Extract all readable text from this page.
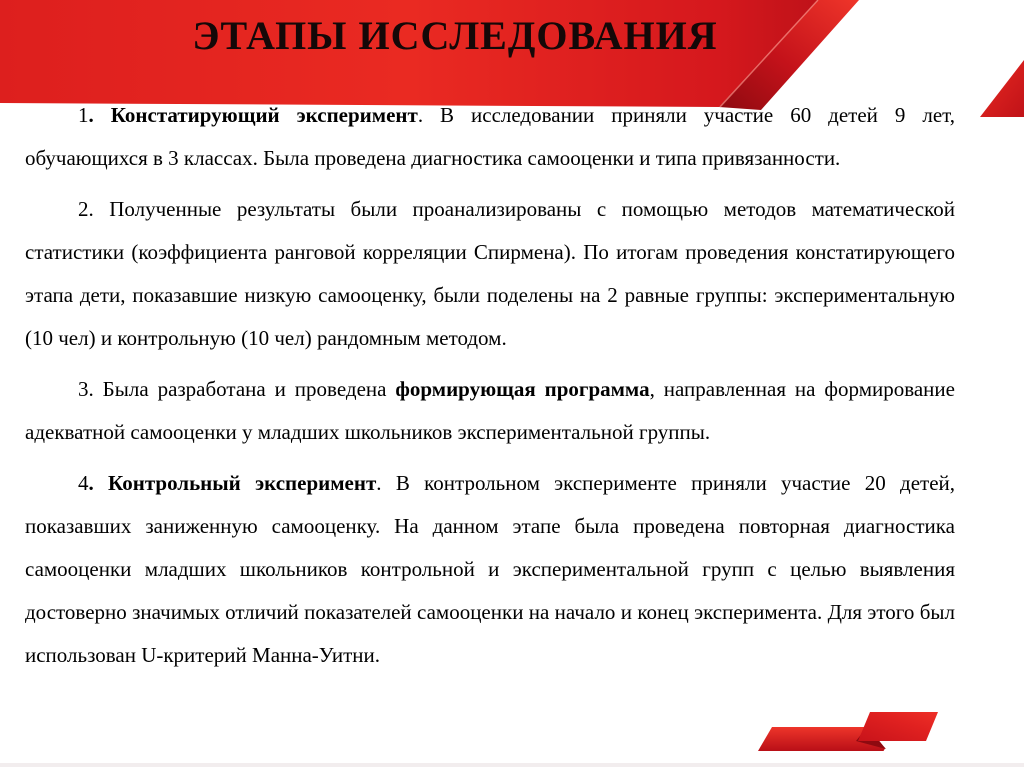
ЭТАПЫ ИССЛЕДОВАНИЯ

1. Констатирующий эксперимент. В исследовании приняли участие 60 детей 9 лет, обучающихся в 3 классах. Была проведена диагностика самооценки и типа привязанности.

2. Полученные результаты были проанализированы с помощью методов математической статистики (коэффициента ранговой корреляции Спирмена). По итогам проведения констатирующего этапа дети, показавшие низкую самооценку, были поделены на 2 равные группы: экспериментальную (10 чел) и контрольную (10 чел) рандомным методом.

3. Была разработана и проведена формирующая программа, направленная на формирование адекватной самооценки у младших школьников экспериментальной группы.

4. Контрольный эксперимент. В контрольном эксперименте приняли участие 20 детей, показавших заниженную самооценку. На данном этапе была проведена повторная диагностика самооценки младших школьников контрольной и экспериментальной групп с целью выявления достоверно значимых отличий показателей самооценки на начало и конец эксперимента. Для этого был использован U-критерий Манна-Уитни.
